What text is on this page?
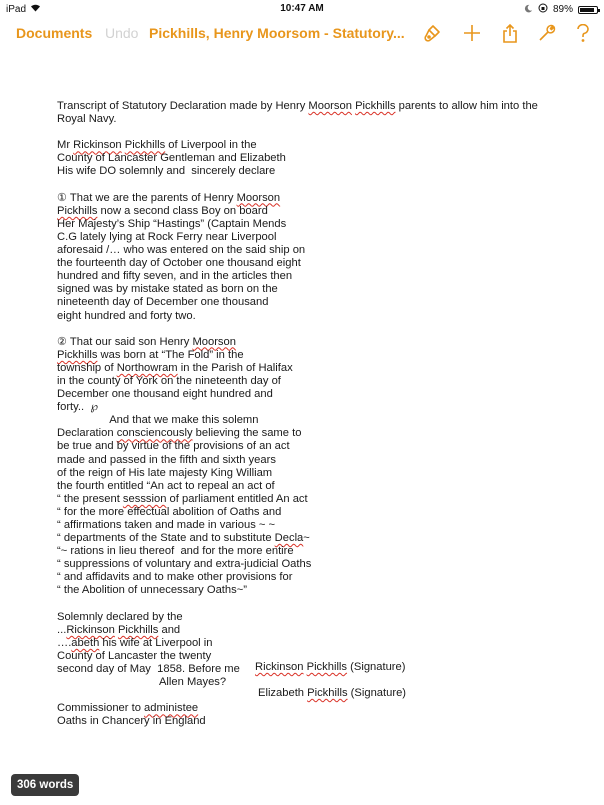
iPad	10:47 AM	89%
Documents Undo Pickhills, Henry Moorsom - Statutory...

Transcript of Statutory Declaration made by Henry Moorson Pickhills parents to allow him into the

Royal Navy.

Mr Rickinson Pickhills of Liverpool in the

County of Lancaster Gentleman and Elizabeth

His wife DO solemnly and  sincerely declare

① That we are the parents of Henry Moorson

Pickhills now a second class Boy on board

Her Majesty’s Ship “Hastings” (Captain Mends

C.G lately lying at Rock Ferry near Liverpool

aforesaid /… who was entered on the said ship on

the fourteenth day of October one thousand eight

hundred and fifty seven, and in the articles then

signed was by mistake stated as born on the

nineteenth day of December one thousand

eight hundred and forty two.

② That our said son Henry Moorson

Pickhills was born at “The Fold” in the

township of Northowram in the Parish of Halifax

in the county of York on the nineteenth day of

December one thousand eight hundred and

forty..  ℘

And that we make this solemn

Declaration consciencously believing the same to

be true and by virtue of the provisions of an act

made and passed in the fifth and sixth years

of the reign of His late majesty King William

the fourth entitled “An act to repeal an act of

“ the present sesssion of parliament entitled An act

“ for the more effectual abolition of Oaths and

“ affirmations taken and made in various ~ ~

“ departments of the State and to substitute Decla~

“~ rations in lieu thereof  and for the more entire

“ suppressions of voluntary and extra-judicial Oaths

“ and affidavits and to make other provisions for

“ the Abolition of unnecessary Oaths~”

Solemnly declared by the

...Rickinson Pickhills and

….abeth his wife at Liverpool in

County of Lancaster the twenty

second day of May  1858. Before me

Allen Mayes?

Commissioner to administee

Oaths in Chancery in England

Rickinson Pickhills (Signature)

Elizabeth Pickhills (Signature)

306 words
